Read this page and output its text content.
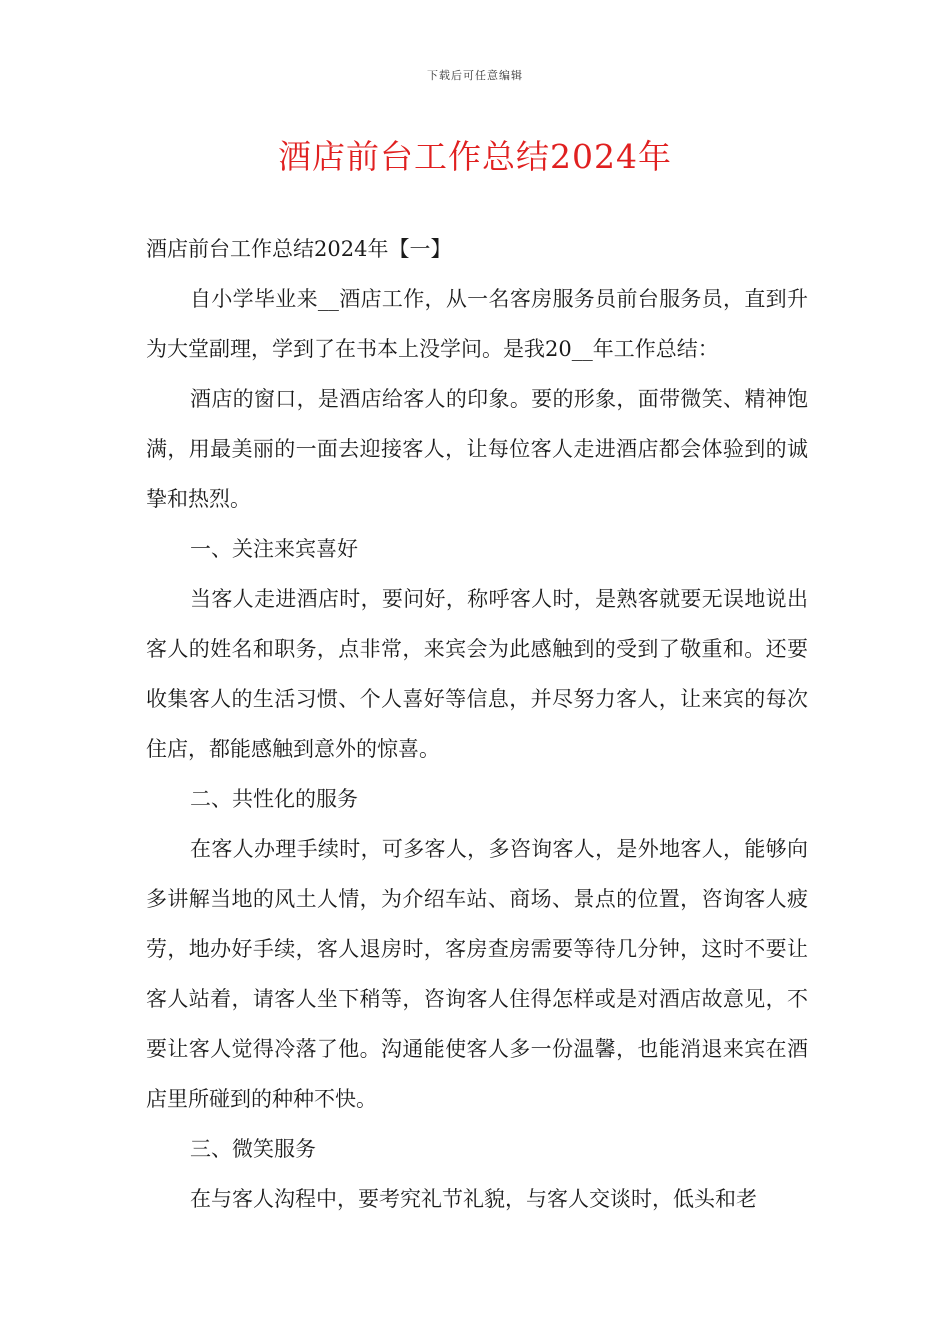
下载后可任意编辑
酒店前台工作总结2024年

酒店前台工作总结2024年【一】

自小学毕业来__酒店工作，从一名客房服务员前台服务员，直到升为大堂副理，学到了在书本上没学问。是我20__年工作总结：

酒店的窗口，是酒店给客人的印象。要的形象，面带微笑、精神饱满，用最美丽的一面去迎接客人，让每位客人走进酒店都会体验到的诚挚和热烈。

一、关注来宾喜好

当客人走进酒店时，要问好，称呼客人时，是熟客就要无误地说出客人的姓名和职务，点非常，来宾会为此感触到的受到了敬重和。还要收集客人的生活习惯、个人喜好等信息，并尽努力客人，让来宾的每次住店，都能感触到意外的惊喜。

二、共性化的服务

在客人办理手续时，可多客人，多咨询客人，是外地客人，能够向多讲解当地的风土人情，为介绍车站、商场、景点的位置，咨询客人疲劳，地办好手续，客人退房时，客房查房需要等待几分钟，这时不要让客人站着，请客人坐下稍等，咨询客人住得怎样或是对酒店故意见，不要让客人觉得冷落了他。沟通能使客人多一份温馨，也能消退来宾在酒店里所碰到的种种不快。

三、微笑服务

在与客人沟程中，要考究礼节礼貌，与客人交谈时，低头和老
